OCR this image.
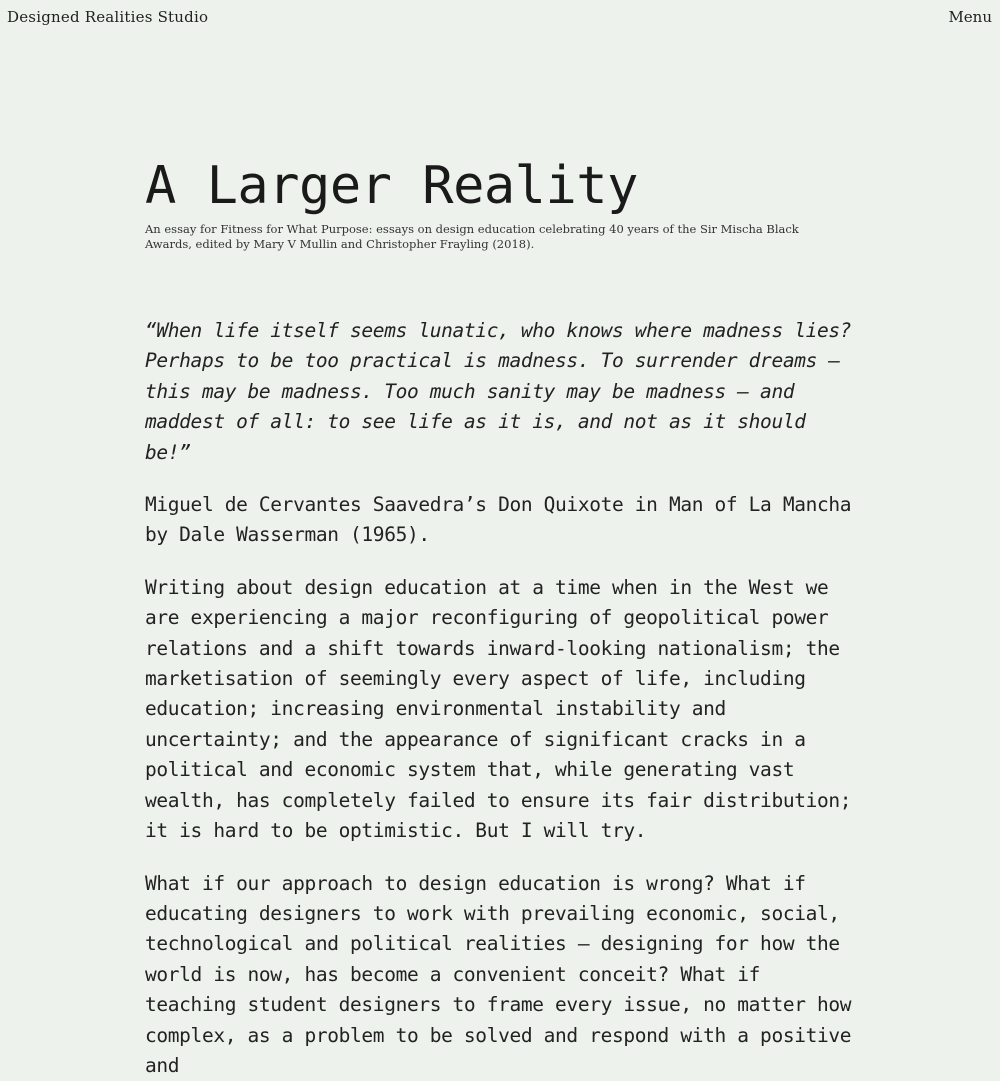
Designed Realities Studio	Menu
A Larger Reality

An essay for Fitness for What Purpose: essays on design education celebrating 40 years of the Sir Mischa Black Awards, edited by Mary V Mullin and Christopher Frayling (2018).

“When life itself seems lunatic, who knows where madness lies? Perhaps to be too practical is madness. To surrender dreams — this may be madness. Too much sanity may be madness — and maddest of all: to see life as it is, and not as it should be!”

Miguel de Cervantes Saavedra’s Don Quixote in Man of La Mancha by Dale Wasserman (1965).

Writing about design education at a time when in the West we are experiencing a major reconfiguring of geopolitical power relations and a shift towards inward-looking nationalism; the marketisation of seemingly every aspect of life, including education; increasing environmental instability and uncertainty; and the appearance of significant cracks in a political and economic system that, while generating vast wealth, has completely failed to ensure its fair distribution; it is hard to be optimistic. But I will try.

What if our approach to design education is wrong? What if educating designers to work with prevailing economic, social, technological and political realities — designing for how the world is now, has become a convenient conceit? What if teaching student designers to frame every issue, no matter how complex, as a problem to be solved and respond with a positive and
